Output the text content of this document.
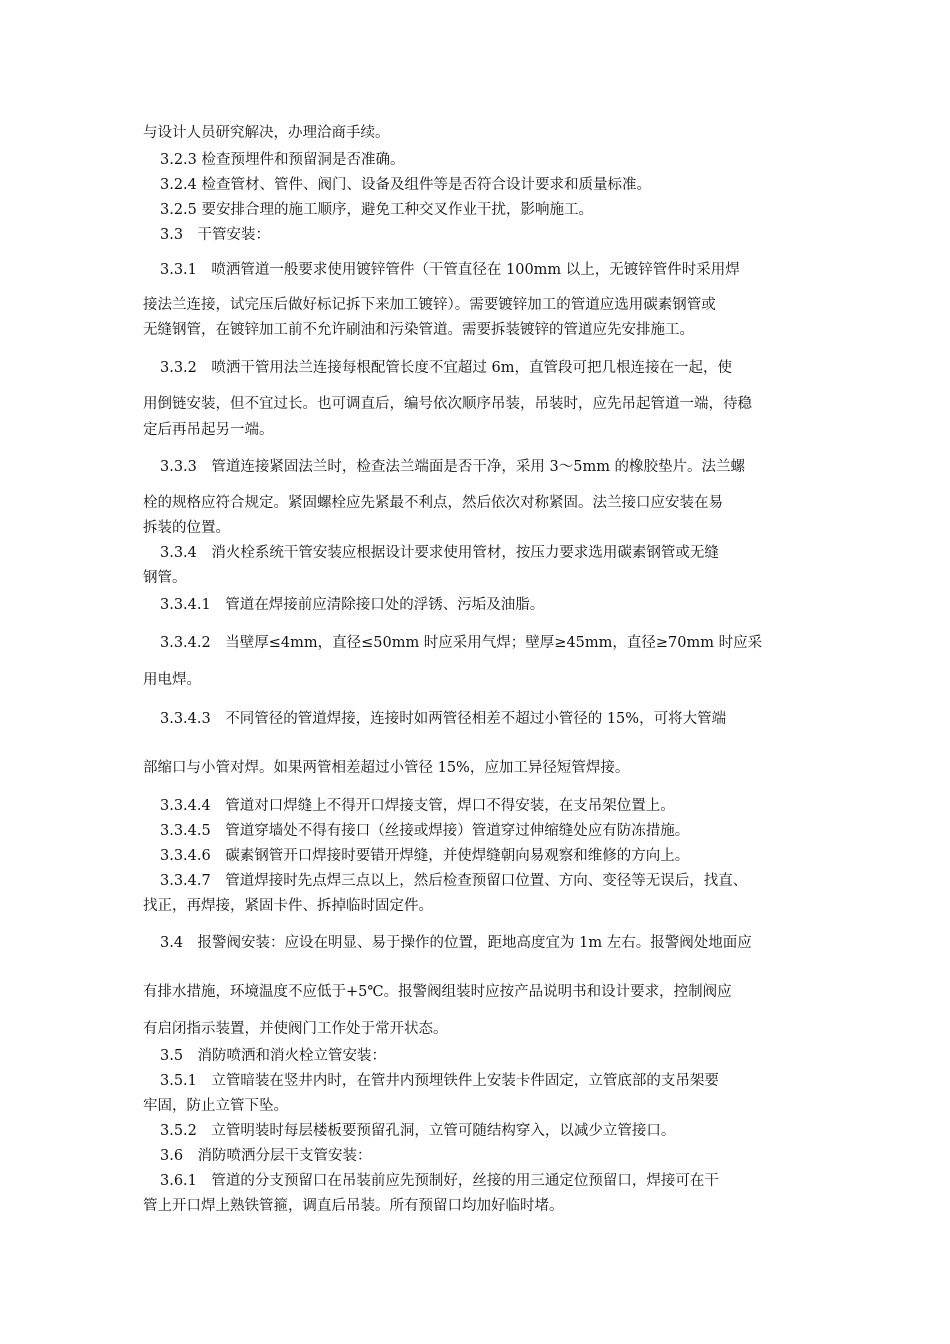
与设计人员研究解决，办理洽商手续。
3.2.3 检查预埋件和预留洞是否准确。
3.2.4 检查管材、管件、阀门、设备及组件等是否符合设计要求和质量标准。
3.2.5 要安排合理的施工顺序，避免工种交叉作业干扰，影响施工。
3.3　干管安装：
3.3.1　喷洒管道一般要求使用镀锌管件（干管直径在 100mm 以上，无镀锌管件时采用焊
接法兰连接，试完压后做好标记拆下来加工镀锌）。需要镀锌加工的管道应选用碳素钢管或
无缝钢管，在镀锌加工前不允许刷油和污染管道。需要拆装镀锌的管道应先安排施工。
3.3.2　喷洒干管用法兰连接每根配管长度不宜超过 6m，直管段可把几根连接在一起，使
用倒链安装，但不宜过长。也可调直后，编号依次顺序吊装，吊装时，应先吊起管道一端，待稳
定后再吊起另一端。
3.3.3　管道连接紧固法兰时，检查法兰端面是否干净，采用 3～5mm 的橡胶垫片。法兰螺
栓的规格应符合规定。紧固螺栓应先紧最不利点，然后依次对称紧固。法兰接口应安装在易
拆装的位置。
3.3.4　消火栓系统干管安装应根据设计要求使用管材，按压力要求选用碳素钢管或无缝
钢管。
3.3.4.1　管道在焊接前应清除接口处的浮锈、污垢及油脂。
3.3.4.2　当壁厚≤4mm，直径≤50mm 时应采用气焊；壁厚≥45mm，直径≥70mm 时应采
用电焊。
3.3.4.3　不同管径的管道焊接，连接时如两管径相差不超过小管径的 15%，可将大管端
部缩口与小管对焊。如果两管相差超过小管径 15%，应加工异径短管焊接。
3.3.4.4　管道对口焊缝上不得开口焊接支管，焊口不得安装，在支吊架位置上。
3.3.4.5　管道穿墙处不得有接口（丝接或焊接）管道穿过伸缩缝处应有防冻措施。
3.3.4.6　碳素钢管开口焊接时要错开焊缝，并使焊缝朝向易观察和维修的方向上。
3.3.4.7　管道焊接时先点焊三点以上，然后检查预留口位置、方向、变径等无误后，找直、
找正，再焊接，紧固卡件、拆掉临时固定件。
3.4　报警阀安装：应设在明显、易于操作的位置，距地高度宜为 1m 左右。报警阀处地面应
有排水措施，环境温度不应低于+5℃。报警阀组装时应按产品说明书和设计要求，控制阀应
有启闭指示装置，并使阀门工作处于常开状态。
3.5　消防喷洒和消火栓立管安装：
3.5.1　立管暗装在竖井内时，在管井内预埋铁件上安装卡件固定，立管底部的支吊架要
牢固，防止立管下坠。
3.5.2　立管明装时每层楼板要预留孔洞，立管可随结构穿入，以减少立管接口。
3.6　消防喷洒分层干支管安装：
3.6.1　管道的分支预留口在吊装前应先预制好，丝接的用三通定位预留口，焊接可在干
管上开口焊上熟铁管箍，调直后吊装。所有预留口均加好临时堵。
